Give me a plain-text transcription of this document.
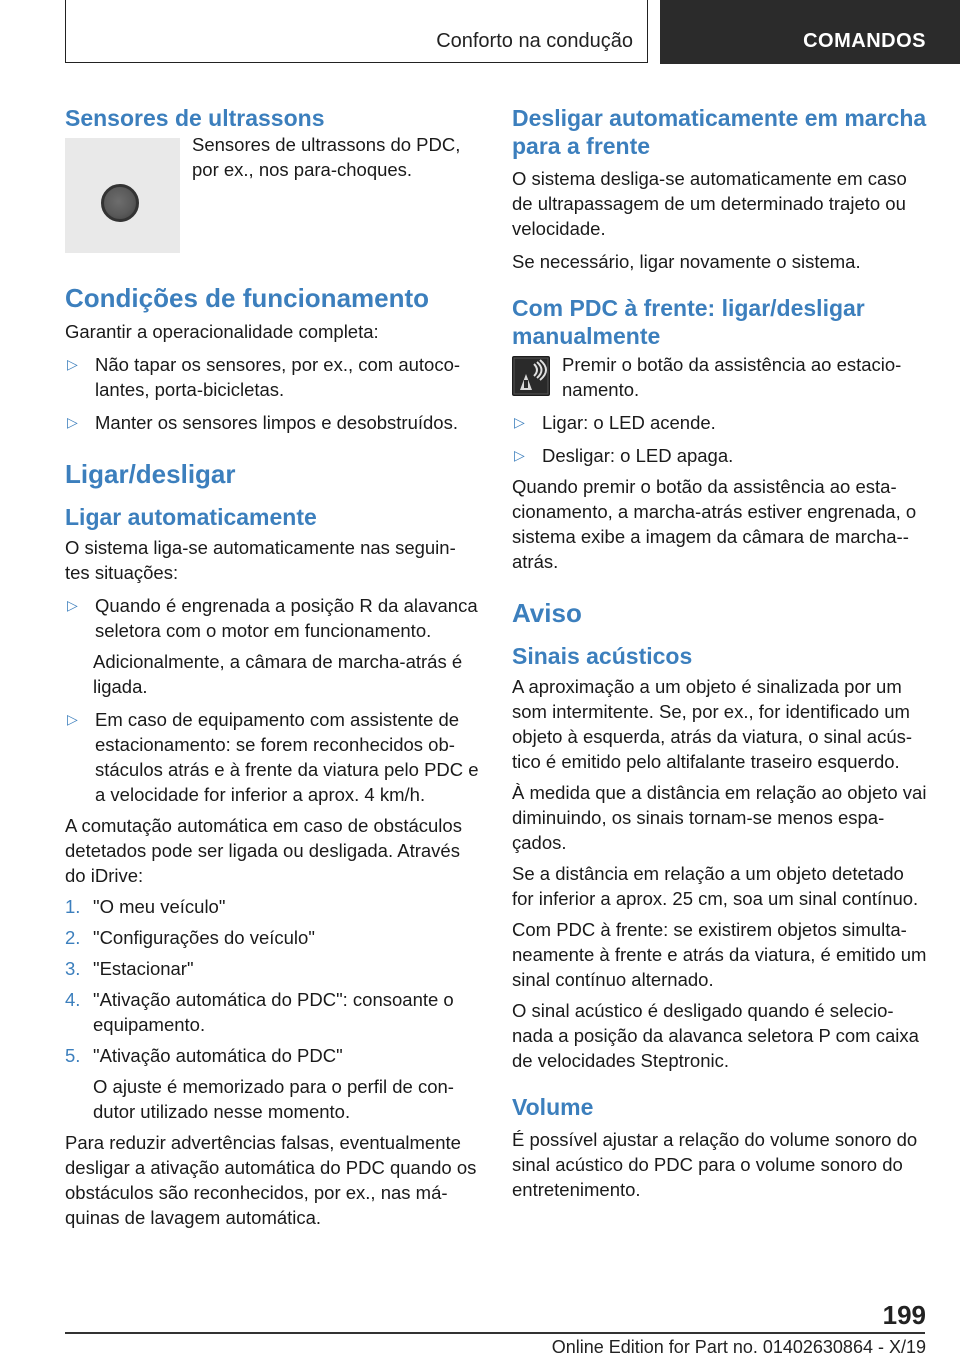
Conforto na condução	COMANDOS
Sensores de ultrassons

Sensores de ultrassons do PDC, por ex., nos para-choques.

Condições de funcionamento

Garantir a operacionalidade completa:

▷ Não tapar os sensores, por ex., com autoco-lantes, porta-bicicletas.

▷ Manter os sensores limpos e desobstruídos.

Ligar/desligar
Ligar automaticamente

O sistema liga-se automaticamente nas seguin-tes situações:

▷ Quando é engrenada a posição R da alavanca seletora com o motor em funcionamento.

Adicionalmente, a câmara de marcha-atrás é ligada.

▷ Em caso de equipamento com assistente de estacionamento: se forem reconhecidos ob-stáculos atrás e à frente da viatura pelo PDC e a velocidade for inferior a aprox. 4 km/h.

A comutação automática em caso de obstáculos detetados pode ser ligada ou desligada. Através do iDrive:

1. "O meu veículo"

2. "Configurações do veículo"

3. "Estacionar"

4. "Ativação automática do PDC": consoante o equipamento.

5. "Ativação automática do PDC"

O ajuste é memorizado para o perfil de con-dutor utilizado nesse momento.

Para reduzir advertências falsas, eventualmente desligar a ativação automática do PDC quando os obstáculos são reconhecidos, por ex., nas má-quinas de lavagem automática.

Desligar automaticamente em marcha para a frente

O sistema desliga-se automaticamente em caso de ultrapassagem de um determinado trajeto ou velocidade.

Se necessário, ligar novamente o sistema.

Com PDC à frente: ligar/desligar manualmente

Premir o botão da assistência ao estacio-namento.

▷ Ligar: o LED acende.

▷ Desligar: o LED apaga.

Quando premir o botão da assistência ao esta-cionamento, a marcha-atrás estiver engrenada, o sistema exibe a imagem da câmara de marcha--atrás.

Aviso
Sinais acústicos

A aproximação a um objeto é sinalizada por um som intermitente. Se, por ex., for identificado um objeto à esquerda, atrás da viatura, o sinal acús-tico é emitido pelo altifalante traseiro esquerdo.

À medida que a distância em relação ao objeto vai diminuindo, os sinais tornam-se menos espa-çados.

Se a distância em relação a um objeto detetado for inferior a aprox. 25 cm, soa um sinal contínuo.

Com PDC à frente: se existirem objetos simulta-neamente à frente e atrás da viatura, é emitido um sinal contínuo alternado.

O sinal acústico é desligado quando é selecio-nada a posição da alavanca seletora P com caixa de velocidades Steptronic.

Volume

É possível ajustar a relação do volume sonoro do sinal acústico do PDC para o volume sonoro do entretenimento.

199
Online Edition for Part no. 01402630864 - X/19
